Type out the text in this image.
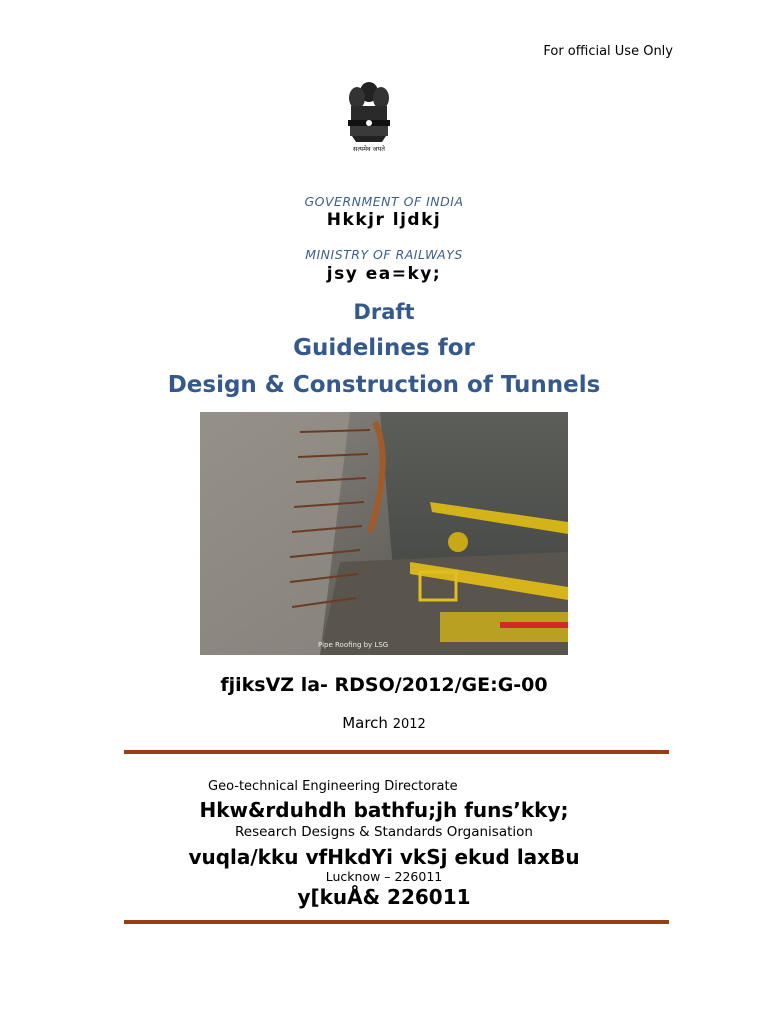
For official Use Only
सत्यमेव जयते
GOVERNMENT OF INDIA
Hkkjr ljdkj
MINISTRY OF RAILWAYS
jsy ea=ky;
Draft
Guidelines for
Design & Construction of Tunnels
Pipe Roofing by LSG
fjiksVZ la- RDSO/2012/GE:G-00
March 2012
Geo-technical Engineering Directorate
Hkw&rduhdh bathfu;jh funs’kky;
Research Designs & Standards Organisation
vuqla/kku vfHkdYi vkSj ekud laxBu
Lucknow – 226011
y[kuÅ& 226011
